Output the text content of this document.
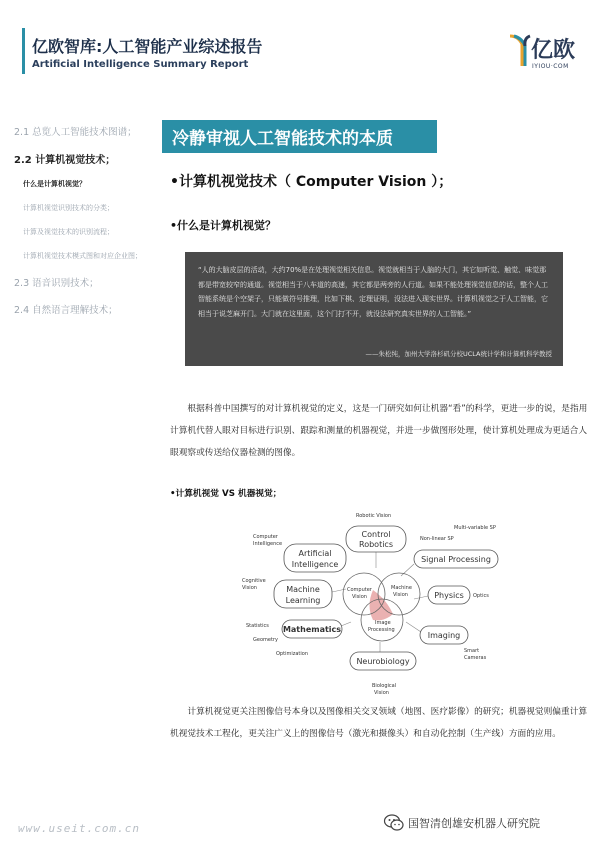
亿欧智库:人工智能产业综述报告
Artificial Intelligence Summary Report
亿欧
IYIOU·COM
2.1 总览人工智能技术图谱；
2.2 计算机视觉技术；
什么是计算机视觉？
计算机视觉识别技术的分类；
计算及视觉技术的识别流程；
计算机视觉技术模式图和对应企业图；
2.3 语音识别技术；
2.4 自然语言理解技术；
冷静审视人工智能技术的本质
•计算机视觉技术（ Computer Vision ）；
•什么是计算机视觉？
“人的大脑皮层的活动，大约70%是在处理视觉相关信息。视觉就相当于人脑的大门，其它如听觉、触觉、味觉那都是带宽较窄的通道。视觉相当于八车道的高速，其它都是两旁的人行道。如果不能处理视觉信息的话，整个人工智能系统是个空架子，只能做符号推理，比如下棋、定理证明，没法进入现实世界。计算机视觉之于人工智能，它相当于说芝麻开门。大门就在这里面，这个门打不开，就没法研究真实世界的人工智能。”
——朱松纯，加州大学洛杉矶分校UCLA统计学和计算机科学教授
根据科普中国撰写的对计算机视觉的定义，这是一门研究如何让机器“看”的科学，更进一步的说，是指用计算机代替人眼对目标进行识别、跟踪和测量的机器视觉，并进一步做图形处理，使计算机处理成为更适合人眼观察或传送给仪器检测的图像。
•计算机视觉 VS 机器视觉；
Robotic Vision
Multi-variable SP
Non-linear SP
Computer
Intelligence
Cognitive
Vision
Optics
Statistics
Geometry
Optimization	Smart
Cameras
Biological
Vision
Computer
Vision
Machine
Vision
Image
Processing
Control
Robotics
Artificial
Intelligence
Signal Processing
Machine
Learning
Physics
Mathematics
Imaging
Neurobiology
计算机视觉更关注图像信号本身以及图像相关交叉领域（地图、医疗影像）的研究；机器视觉则偏重计算机视觉技术工程化，更关注广义上的图像信号（激光和摄像头）和自动化控制（生产线）方面的应用。
www.useit.com.cn	国智清创雄安机器人研究院
